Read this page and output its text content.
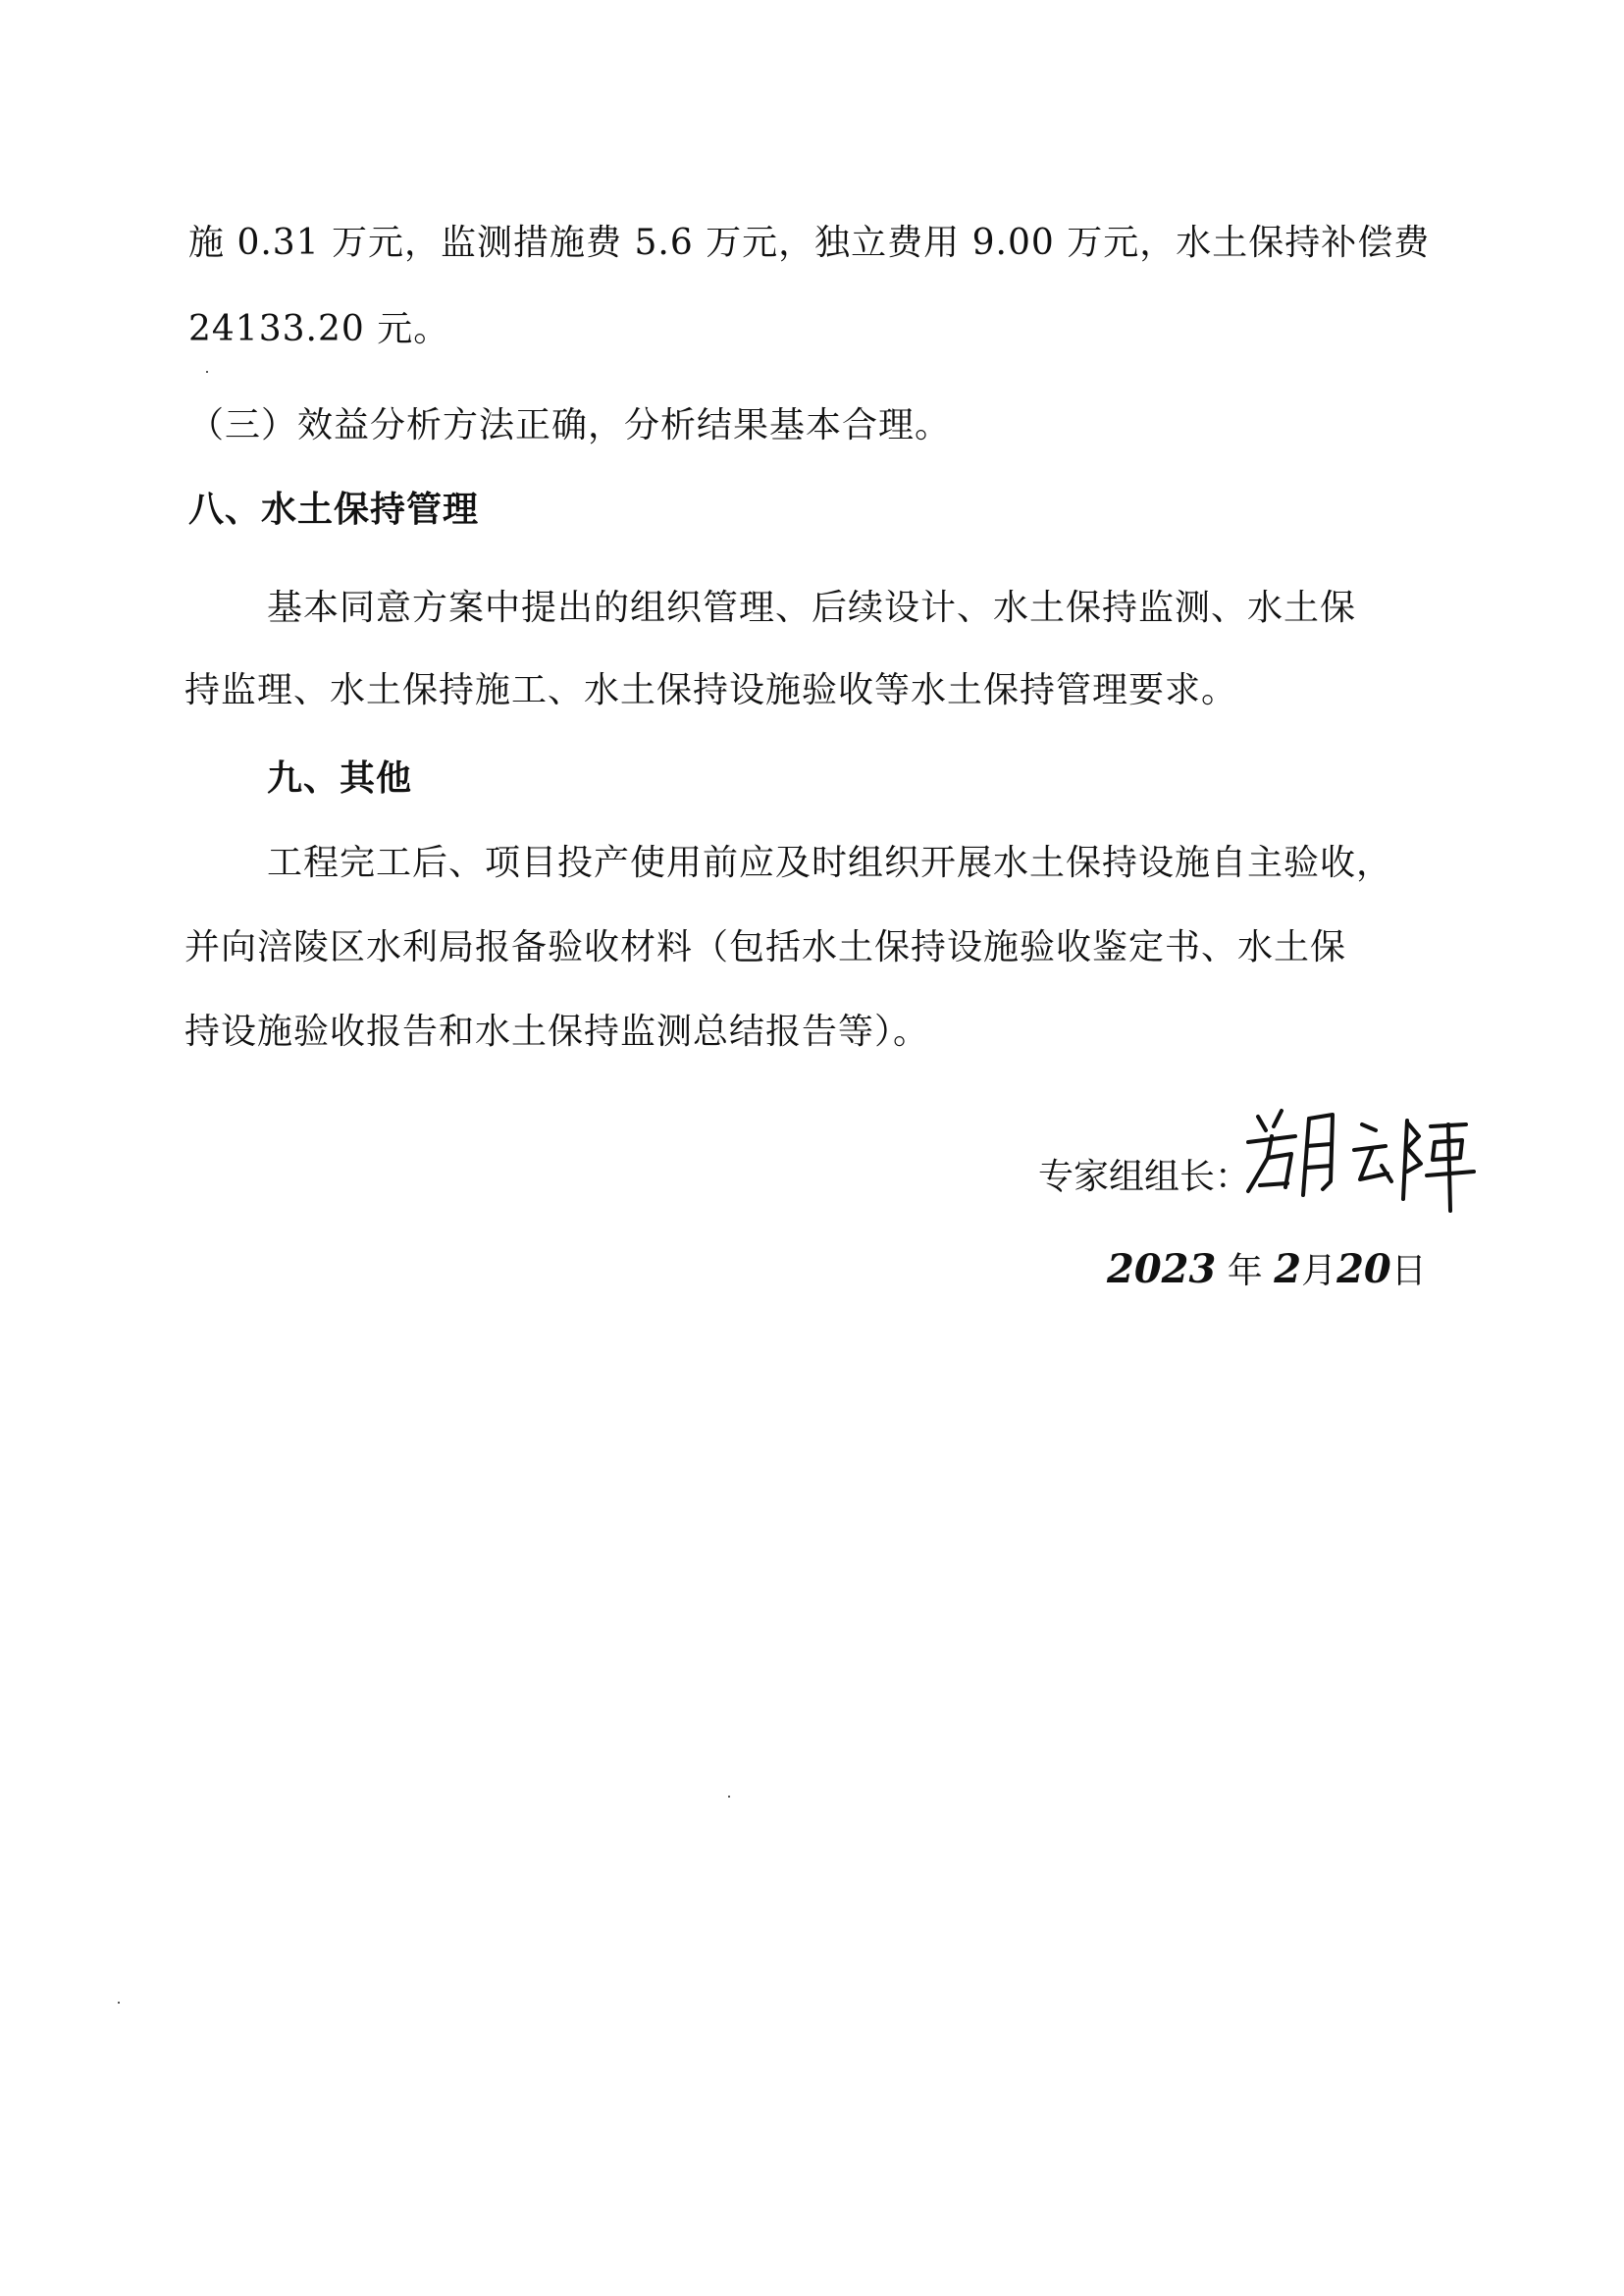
施 0.31 万元，监测措施费 5.6 万元，独立费用 9.00 万元，水土保持补偿费
24133.20 元。
（三）效益分析方法正确，分析结果基本合理。
八、水土保持管理
基本同意方案中提出的组织管理、后续设计、水土保持监测、水土保
持监理、水土保持施工、水土保持设施验收等水土保持管理要求。
九、其他
工程完工后、项目投产使用前应及时组织开展水土保持设施自主验收，
并向涪陵区水利局报备验收材料（包括水土保持设施验收鉴定书、水土保
持设施验收报告和水土保持监测总结报告等）。
专家组组长：
2023 年 2月20日
